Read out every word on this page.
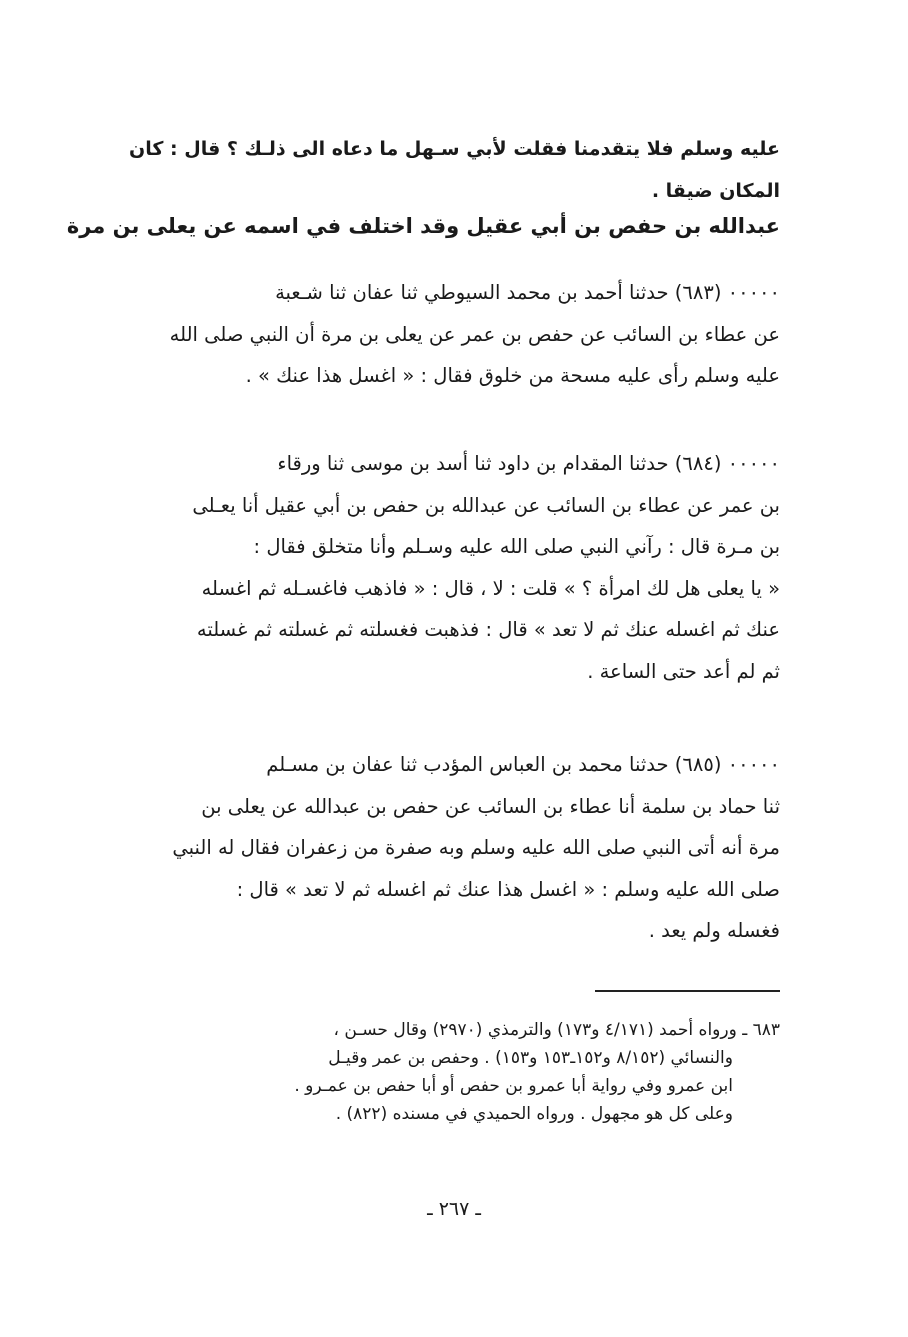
عليه وسلم فلا يتقدمنا فقلت لأبي سـهل ما دعاه الى ذلـك ؟ قال : كان
المكان ضيقا .
عبدالله بن حفص بن أبي عقيل وقد اختلف في اسمه عن يعلى بن مرة
٠٠٠٠٠ (٦٨٣) حدثنا أحمد بن محمد السيوطي ثنا عفان ثنا شـعبة
عن عطاء بن السائب عن حفص بن عمر عن يعلى بن مرة أن النبي صلى الله
عليه وسلم رأى عليه مسحة من خلوق فقال : « اغسل هذا عنك » .
٠٠٠٠٠ (٦٨٤) حدثنا المقدام بن داود ثنا أسد بن موسى ثنا ورقاء
بن عمر عن عطاء بن السائب عن عبدالله بن حفص بن أبي عقيل أنا يعـلى
بن مـرة قال : رآني النبي صلى الله عليه وسـلم وأنا متخلق فقال :
« يا يعلى هل لك امرأة ؟ » قلت : لا ، قال : « فاذهب فاغسـله ثم اغسله
عنك ثم اغسله عنك ثم لا تعد » قال : فذهبت فغسلته ثم غسلته ثم غسلته
ثم لم أعد حتى الساعة .
٠٠٠٠٠ (٦٨٥) حدثنا محمد بن العباس المؤدب ثنا عفان بن مسـلم
ثنا حماد بن سلمة أنا عطاء بن السائب عن حفص بن عبدالله عن يعلى بن
مرة أنه أتى النبي صلى الله عليه وسلم وبه صفرة من زعفران فقال له النبي
صلى الله عليه وسلم : « اغسل هذا عنك ثم اغسله ثم لا تعد » قال :
فغسله ولم يعد .
٦٨٣ ـ ورواه أحمد (٤/١٧١ و١٧٣) والترمذي (٢٩٧٠) وقال حسـن ،
والنسائي (٨/١٥٢ و١٥٢ـ١٥٣ و١٥٣) . وحفص بن عمر وقيـل
ابن عمرو وفي رواية أبا عمرو بن حفص أو أبا حفص بن عمـرو .
وعلى كل هو مجهول . ورواه الحميدي في مسنده (٨٢٢) .
ـ ٢٦٧ ـ
